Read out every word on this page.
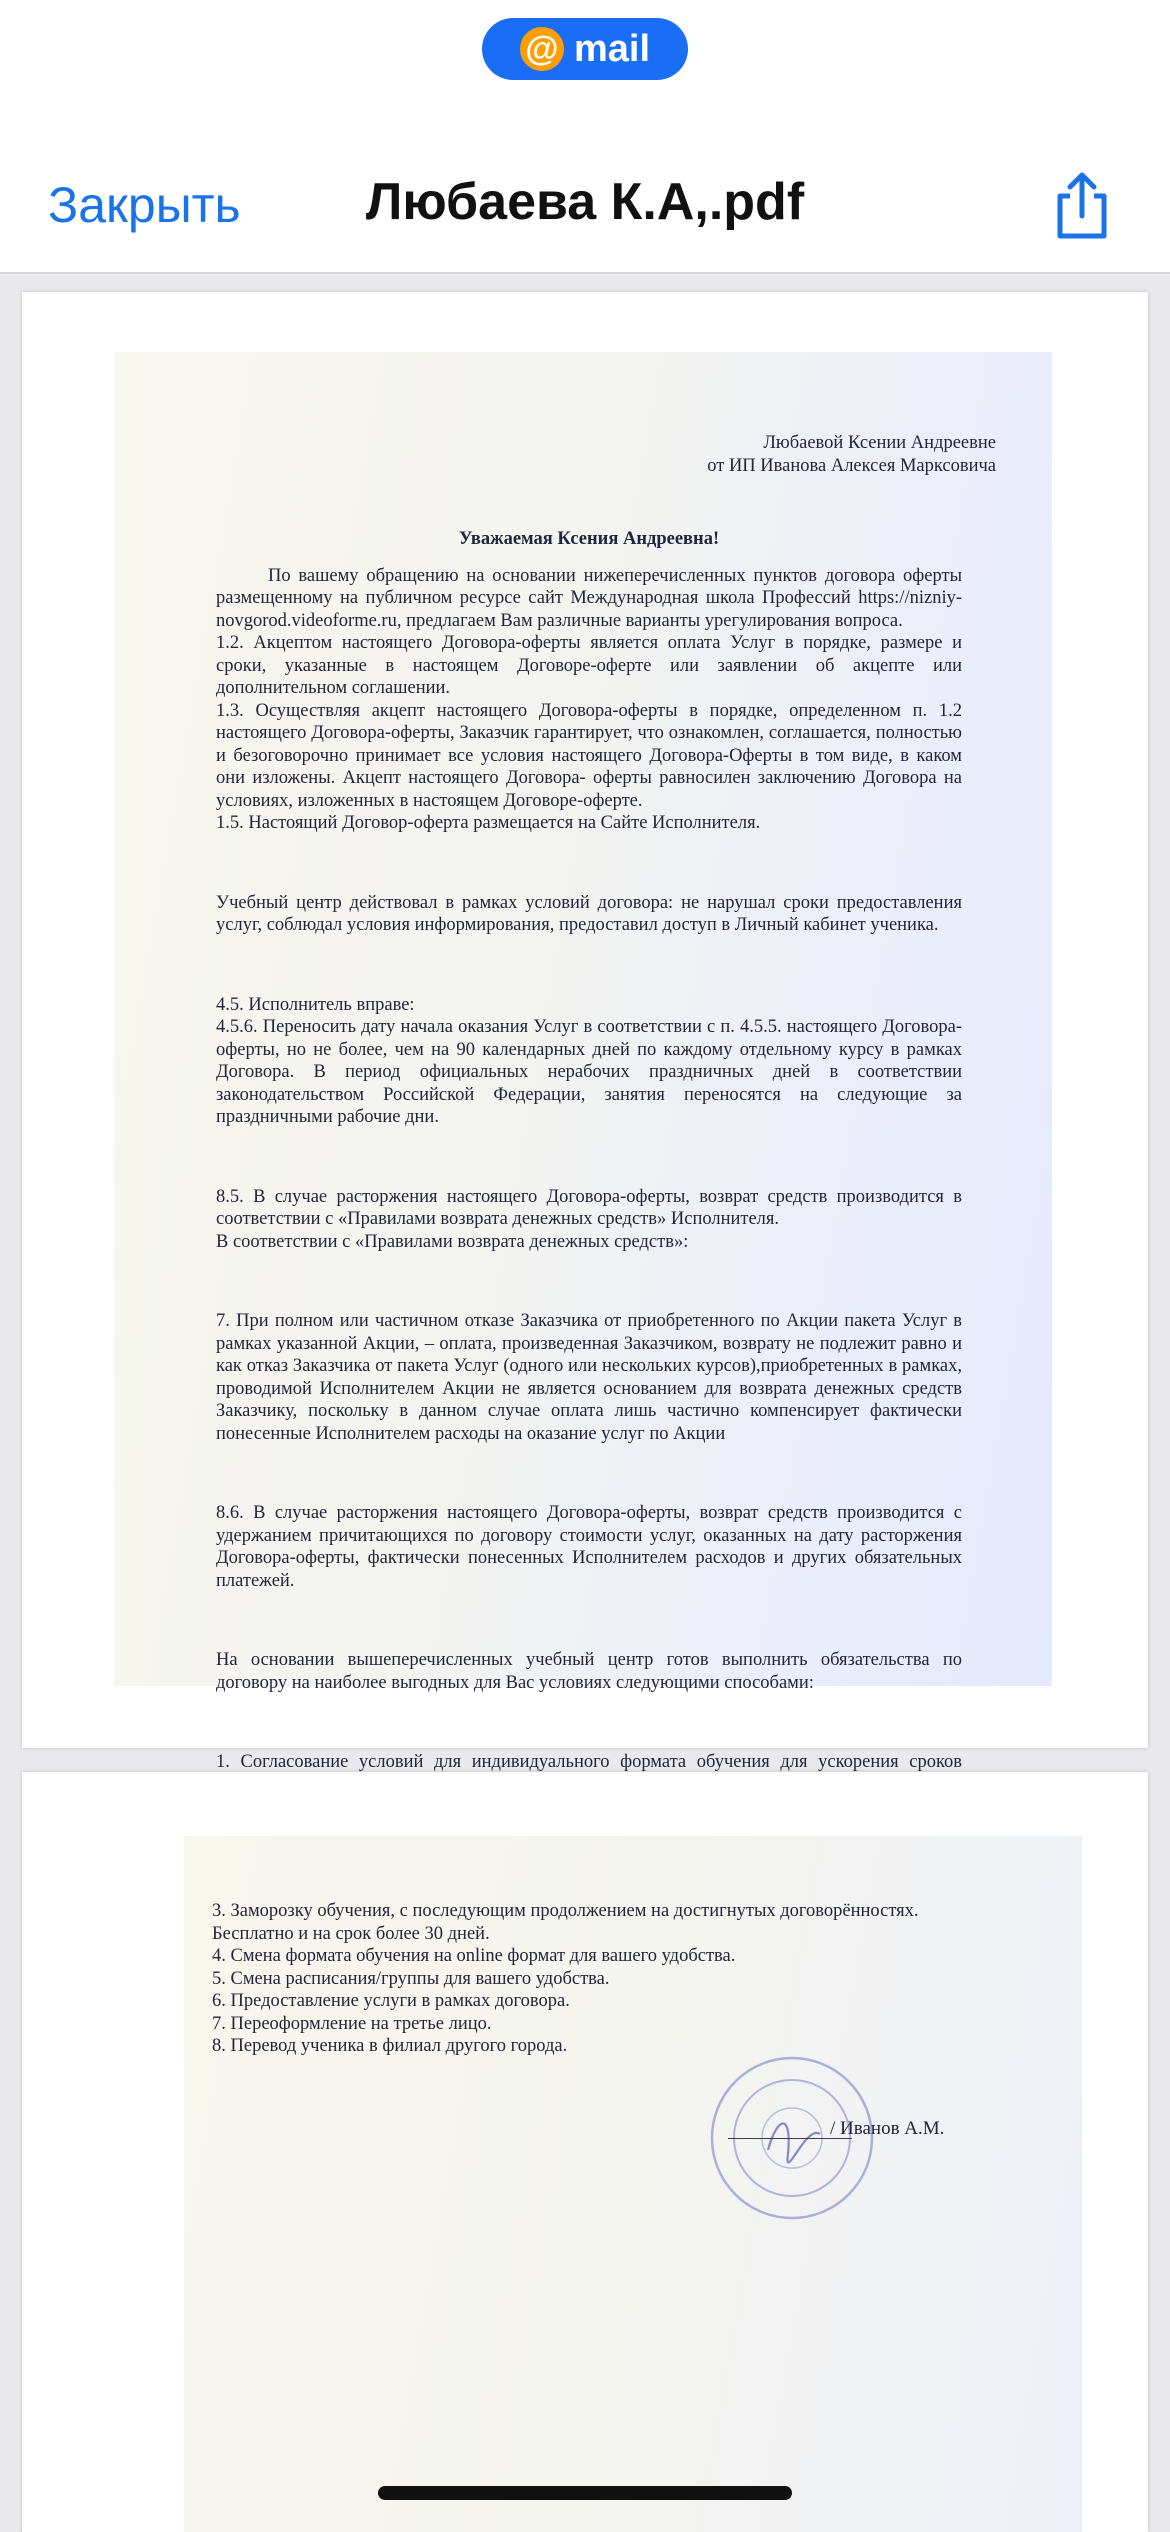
@ mail
Закрыть	Любаева К.А,.pdf
Любаевой Ксении Андреевне
от ИП Иванова Алексея Марксовича
Уважаемая Ксения Андреевна!

По вашему обращению на основании нижеперечисленных пунктов договора оферты размещенному на публичном ресурсе сайт Международная школа Профессий https://nizniy-novgorod.videoforme.ru, предлагаем Вам различные варианты урегулирования вопроса.

1.2. Акцептом настоящего Договора-оферты является оплата Услуг в порядке, размере и сроки, указанные в настоящем Договоре-оферте или заявлении об акцепте или дополнительном соглашении.

1.3. Осуществляя акцепт настоящего Договора-оферты в порядке, определенном п. 1.2 настоящего Договора-оферты, Заказчик гарантирует, что ознакомлен, соглашается, полностью и безоговорочно принимает все условия настоящего Договора-Оферты в том виде, в каком они изложены. Акцепт настоящего Договора- оферты равносилен заключению Договора на условиях, изложенных в настоящем Договоре-оферте.

1.5. Настоящий Договор-оферта размещается на Сайте Исполнителя.

Учебный центр действовал в рамках условий договора: не нарушал сроки предоставления услуг, соблюдал условия информирования, предоставил доступ в Личный кабинет ученика.

4.5. Исполнитель вправе:

4.5.6. Переносить дату начала оказания Услуг в соответствии с п. 4.5.5. настоящего Договора-оферты, но не более, чем на 90 календарных дней по каждому отдельному курсу в рамках Договора. В период официальных нерабочих праздничных дней в соответствии законодательством Российской Федерации, занятия переносятся на следующие за праздничными рабочие дни.

8.5. В случае расторжения настоящего Договора-оферты, возврат средств производится в соответствии с «Правилами возврата денежных средств» Исполнителя.

В соответствии с «Правилами возврата денежных средств»:

7. При полном или частичном отказе Заказчика от приобретенного по Акции пакета Услуг в рамках указанной Акции, – оплата, произведенная Заказчиком, возврату не подлежит равно и как отказ Заказчика от пакета Услуг (одного или нескольких курсов),приобретенных в рамках, проводимой Исполнителем Акции не является основанием для возврата денежных средств Заказчику, поскольку в данном случае оплата лишь частично компенсирует фактически понесенные Исполнителем расходы на оказание услуг по Акции

8.6. В случае расторжения настоящего Договора-оферты, возврат средств производится с удержанием причитающихся по договору стоимости услуг, оказанных на дату расторжения Договора-оферты, фактически понесенных Исполнителем расходов и других обязательных платежей.

На основании вышеперечисленных учебный центр готов выполнить обязательства по договору на наиболее выгодных для Вас условиях следующими способами:

1. Согласование условий для индивидуального формата обучения для ускорения сроков

3. Заморозку обучения, с последующим продолжением на достигнутых договорённостях. Бесплатно и на срок более 30 дней.

4. Смена формата обучения на online формат для вашего удобства.

5. Смена расписания/группы для вашего удобства.

6. Предоставление услуги в рамках договора.

7. Переоформление на третье лицо.

8. Перевод ученика в филиал другого города.

/ Иванов А.М.
